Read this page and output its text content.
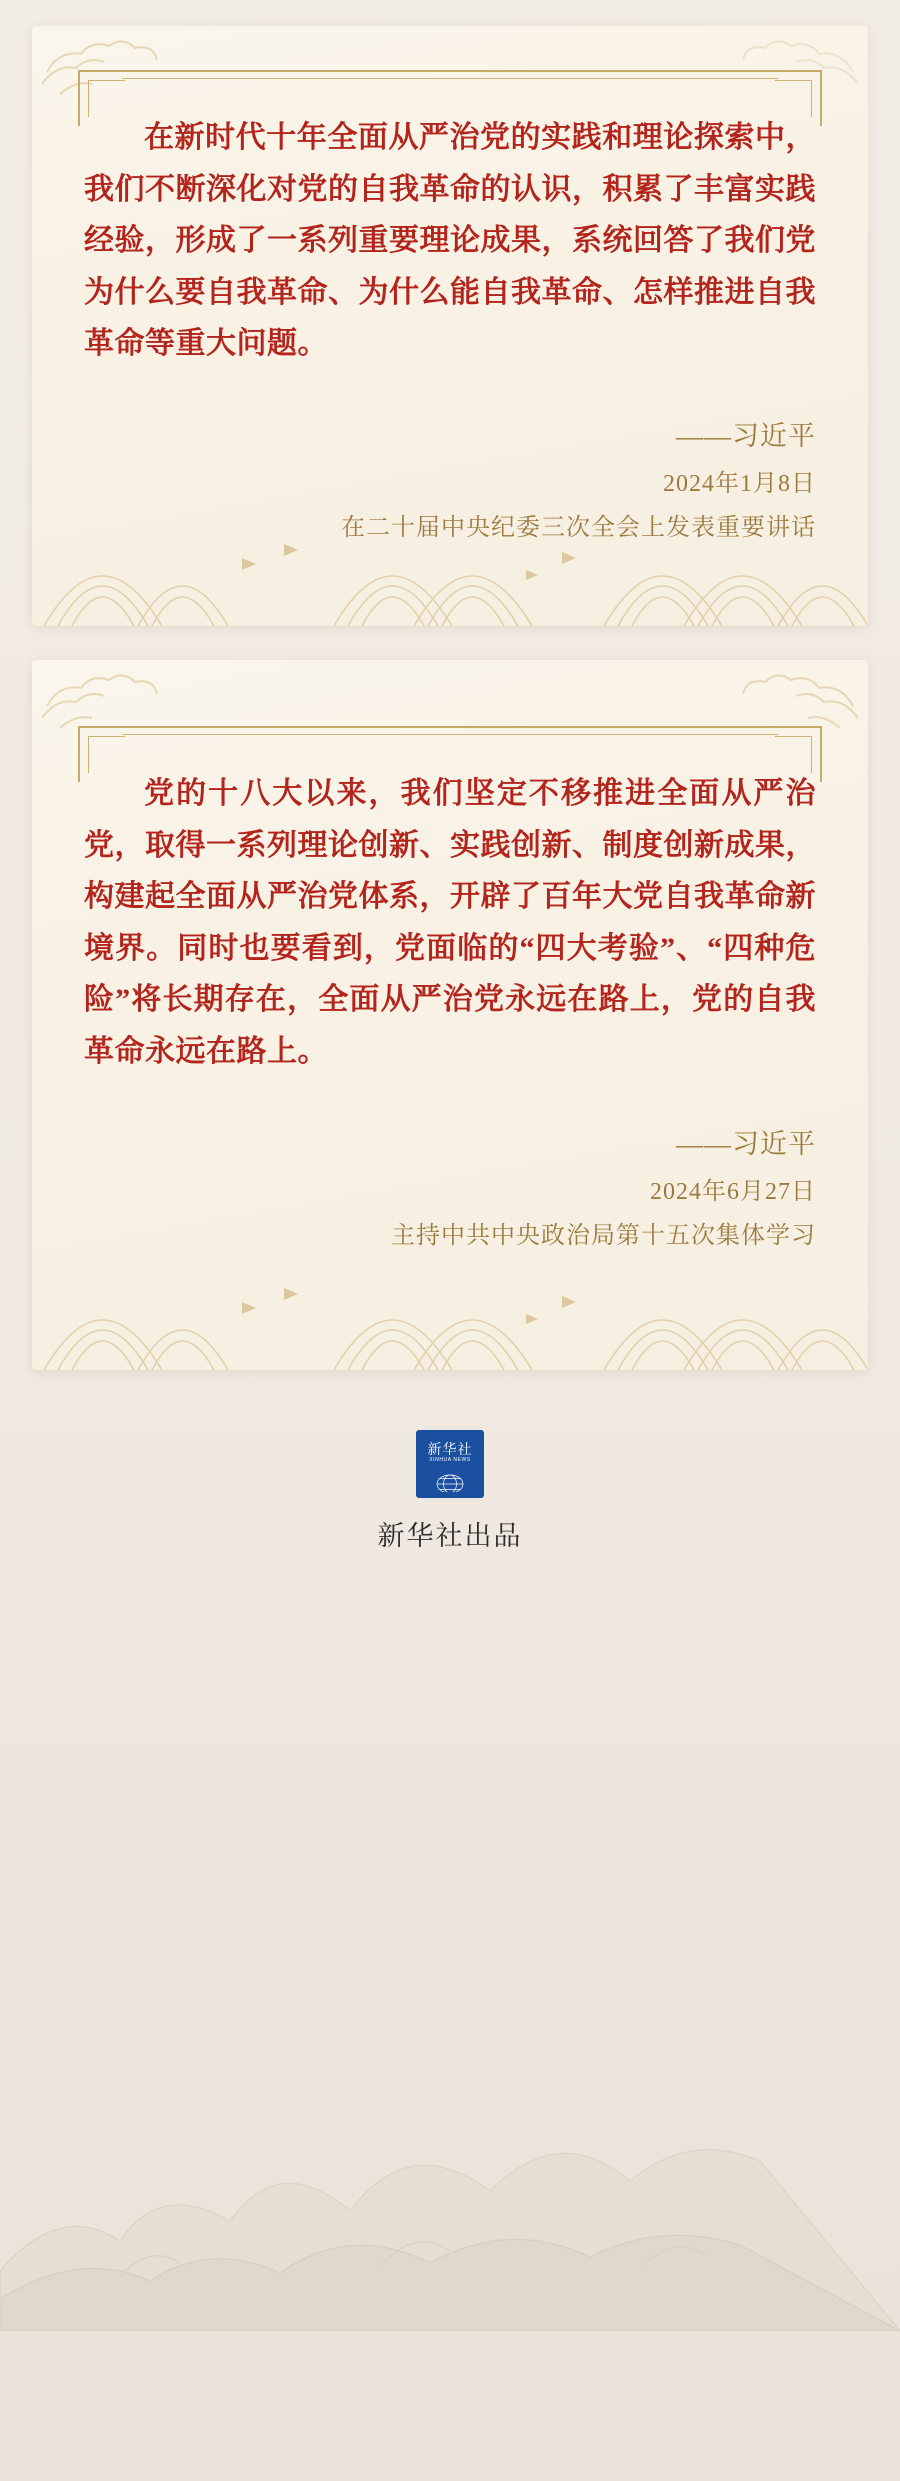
在新时代十年全面从严治党的实践和理论探索中，我们不断深化对党的自我革命的认识，积累了丰富实践经验，形成了一系列重要理论成果，系统回答了我们党为什么要自我革命、为什么能自我革命、怎样推进自我革命等重大问题。
——习近平
2024年1月8日
在二十届中央纪委三次全会上发表重要讲话
党的十八大以来，我们坚定不移推进全面从严治党，取得一系列理论创新、实践创新、制度创新成果，构建起全面从严治党体系，开辟了百年大党自我革命新境界。同时也要看到，党面临的“四大考验”、“四种危险”将长期存在，全面从严治党永远在路上，党的自我革命永远在路上。
——习近平
2024年6月27日
主持中共中央政治局第十五次集体学习
新华社
XINHUA NEWS
新华社出品
